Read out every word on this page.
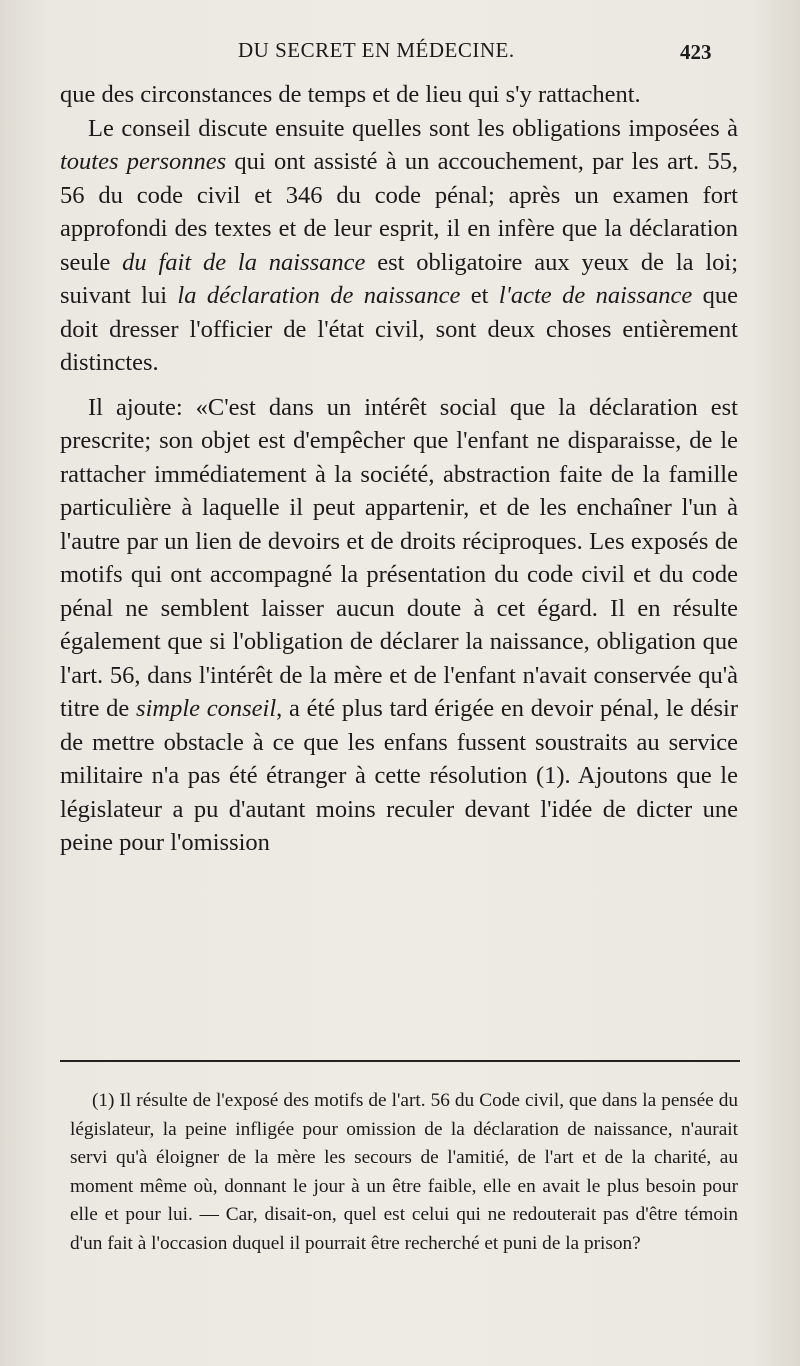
DU SECRET EN MÉDECINE.	423

que des circonstances de temps et de lieu qui s'y rattachent.

Le conseil discute ensuite quelles sont les obligations imposées à toutes personnes qui ont assisté à un accouchement, par les art. 55, 56 du code civil et 346 du code pénal; après un examen fort approfondi des textes et de leur esprit, il en infère que la déclaration seule du fait de la naissance est obligatoire aux yeux de la loi; suivant lui la déclaration de naissance et l'acte de naissance que doit dresser l'officier de l'état civil, sont deux choses entièrement distinctes.

Il ajoute: «C'est dans un intérêt social que la déclaration est prescrite; son objet est d'empêcher que l'enfant ne disparaisse, de le rattacher immédiatement à la société, abstraction faite de la famille particulière à laquelle il peut appartenir, et de les enchaîner l'un à l'autre par un lien de devoirs et de droits réciproques. Les exposés de motifs qui ont accompagné la présentation du code civil et du code pénal ne semblent laisser aucun doute à cet égard. Il en résulte également que si l'obligation de déclarer la naissance, obligation que l'art. 56, dans l'intérêt de la mère et de l'enfant n'avait conservée qu'à titre de simple conseil, a été plus tard érigée en devoir pénal, le désir de mettre obstacle à ce que les enfans fussent soustraits au service militaire n'a pas été étranger à cette résolution (1). Ajoutons que le législateur a pu d'autant moins reculer devant l'idée de dicter une peine pour l'omission

(1) Il résulte de l'exposé des motifs de l'art. 56 du Code civil, que dans la pensée du législateur, la peine infligée pour omission de la déclaration de naissance, n'aurait servi qu'à éloigner de la mère les secours de l'amitié, de l'art et de la charité, au moment même où, donnant le jour à un être faible, elle en avait le plus besoin pour elle et pour lui. — Car, disait-on, quel est celui qui ne redouterait pas d'être témoin d'un fait à l'occasion duquel il pourrait être recherché et puni de la prison?
